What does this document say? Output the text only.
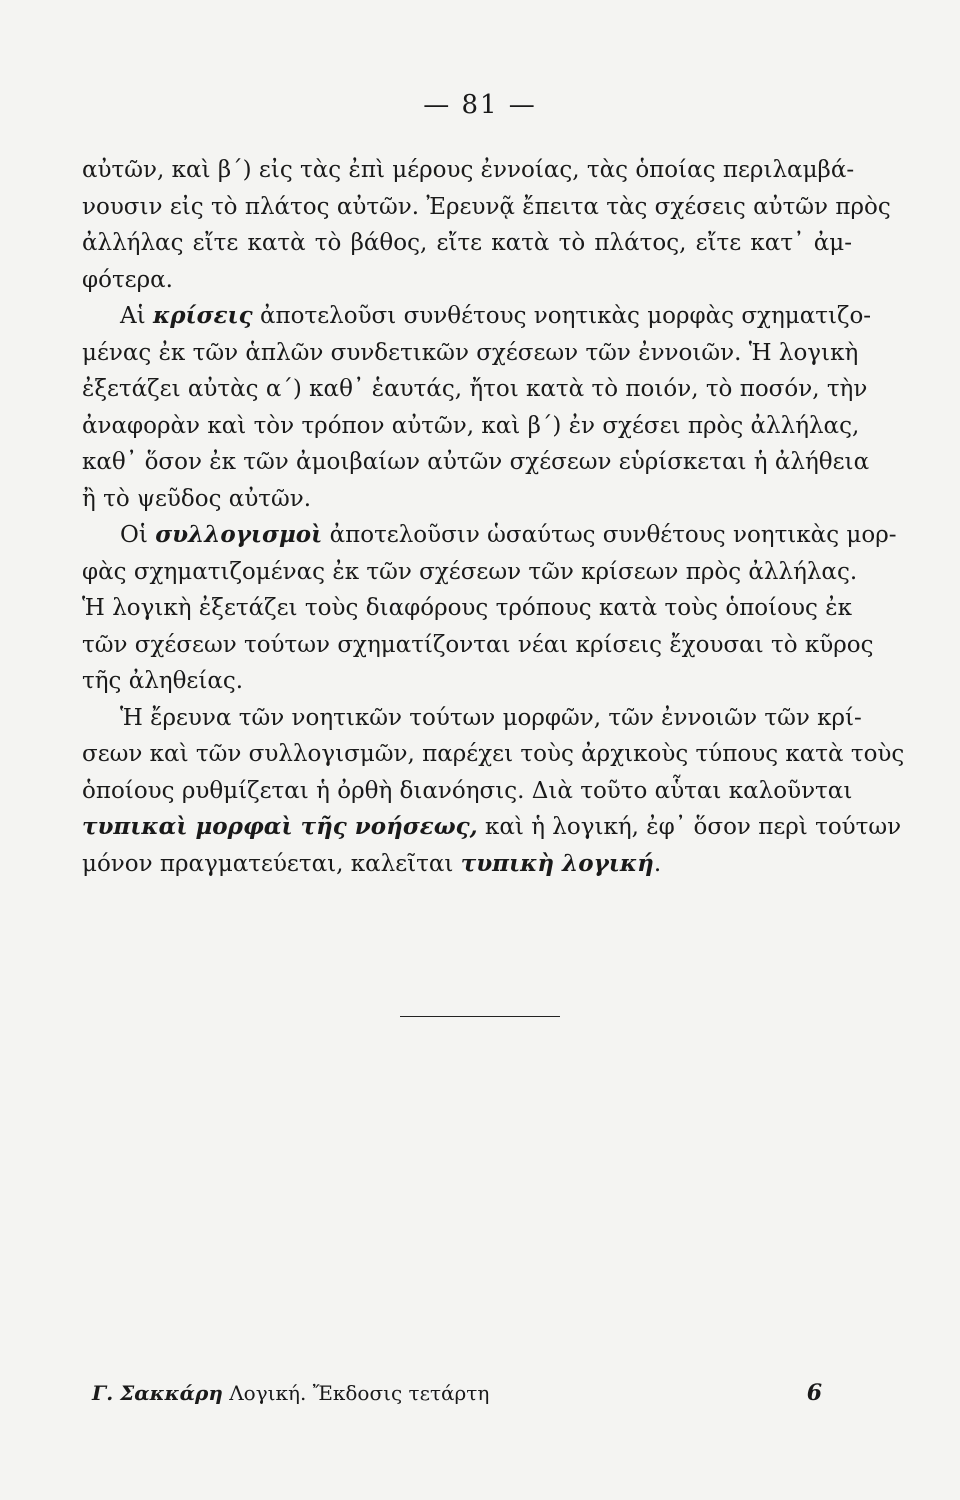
— 81 —
αὐτῶν, καὶ β΄) εἰς τὰς ἐπὶ μέρους ἐννοίας, τὰς ὁποίας περιλαμβά-
νουσιν εἰς τὸ πλάτος αὐτῶν. Ἐρευνᾷ ἔπειτα τὰς σχέσεις αὐτῶν πρὸς
ἀλλήλας εἴτε κατὰ τὸ βάθος, εἴτε κατὰ τὸ πλάτος, εἴτε κατ᾿ ἀμ-
φότερα.
Αἱ κρίσεις ἀποτελοῦσι συνθέτους νοητικὰς μορφὰς σχηματιζο-
μένας ἐκ τῶν ἁπλῶν συνδετικῶν σχέσεων τῶν ἐννοιῶν. Ἡ λογικὴ
ἐξετάζει αὐτὰς α΄) καθ᾿ ἑαυτάς, ἤτοι κατὰ τὸ ποιόν, τὸ ποσόν, τὴν
ἀναφορὰν καὶ τὸν τρόπον αὐτῶν, καὶ β΄) ἐν σχέσει πρὸς ἀλλήλας,
καθ᾿ ὅσον ἐκ τῶν ἀμοιβαίων αὐτῶν σχέσεων εὑρίσκεται ἡ ἀλήθεια
ἢ τὸ ψεῦδος αὐτῶν.
Οἱ συλλογισμοὶ ἀποτελοῦσιν ὡσαύτως συνθέτους νοητικὰς μορ-
φὰς σχηματιζομένας ἐκ τῶν σχέσεων τῶν κρίσεων πρὸς ἀλλήλας.
Ἡ λογικὴ ἐξετάζει τοὺς διαφόρους τρόπους κατὰ τοὺς ὁποίους ἐκ
τῶν σχέσεων τούτων σχηματίζονται νέαι κρίσεις ἔχουσαι τὸ κῦρος
τῆς ἀληθείας.
Ἡ ἔρευνα τῶν νοητικῶν τούτων μορφῶν, τῶν ἐννοιῶν τῶν κρί-
σεων καὶ τῶν συλλογισμῶν, παρέχει τοὺς ἀρχικοὺς τύπους κατὰ τοὺς
ὁποίους ρυθμίζεται ἡ ὀρθὴ διανόησις. Διὰ τοῦτο αὗται καλοῦνται
τυπικαὶ μορφαὶ τῆς νοήσεως, καὶ ἡ λογική, ἐφ᾿ ὅσον περὶ τούτων
μόνον πραγματεύεται, καλεῖται τυπικὴ λογική.
Γ. Σακκάρη Λογική. Ἔκδοσις τετάρτη	6
